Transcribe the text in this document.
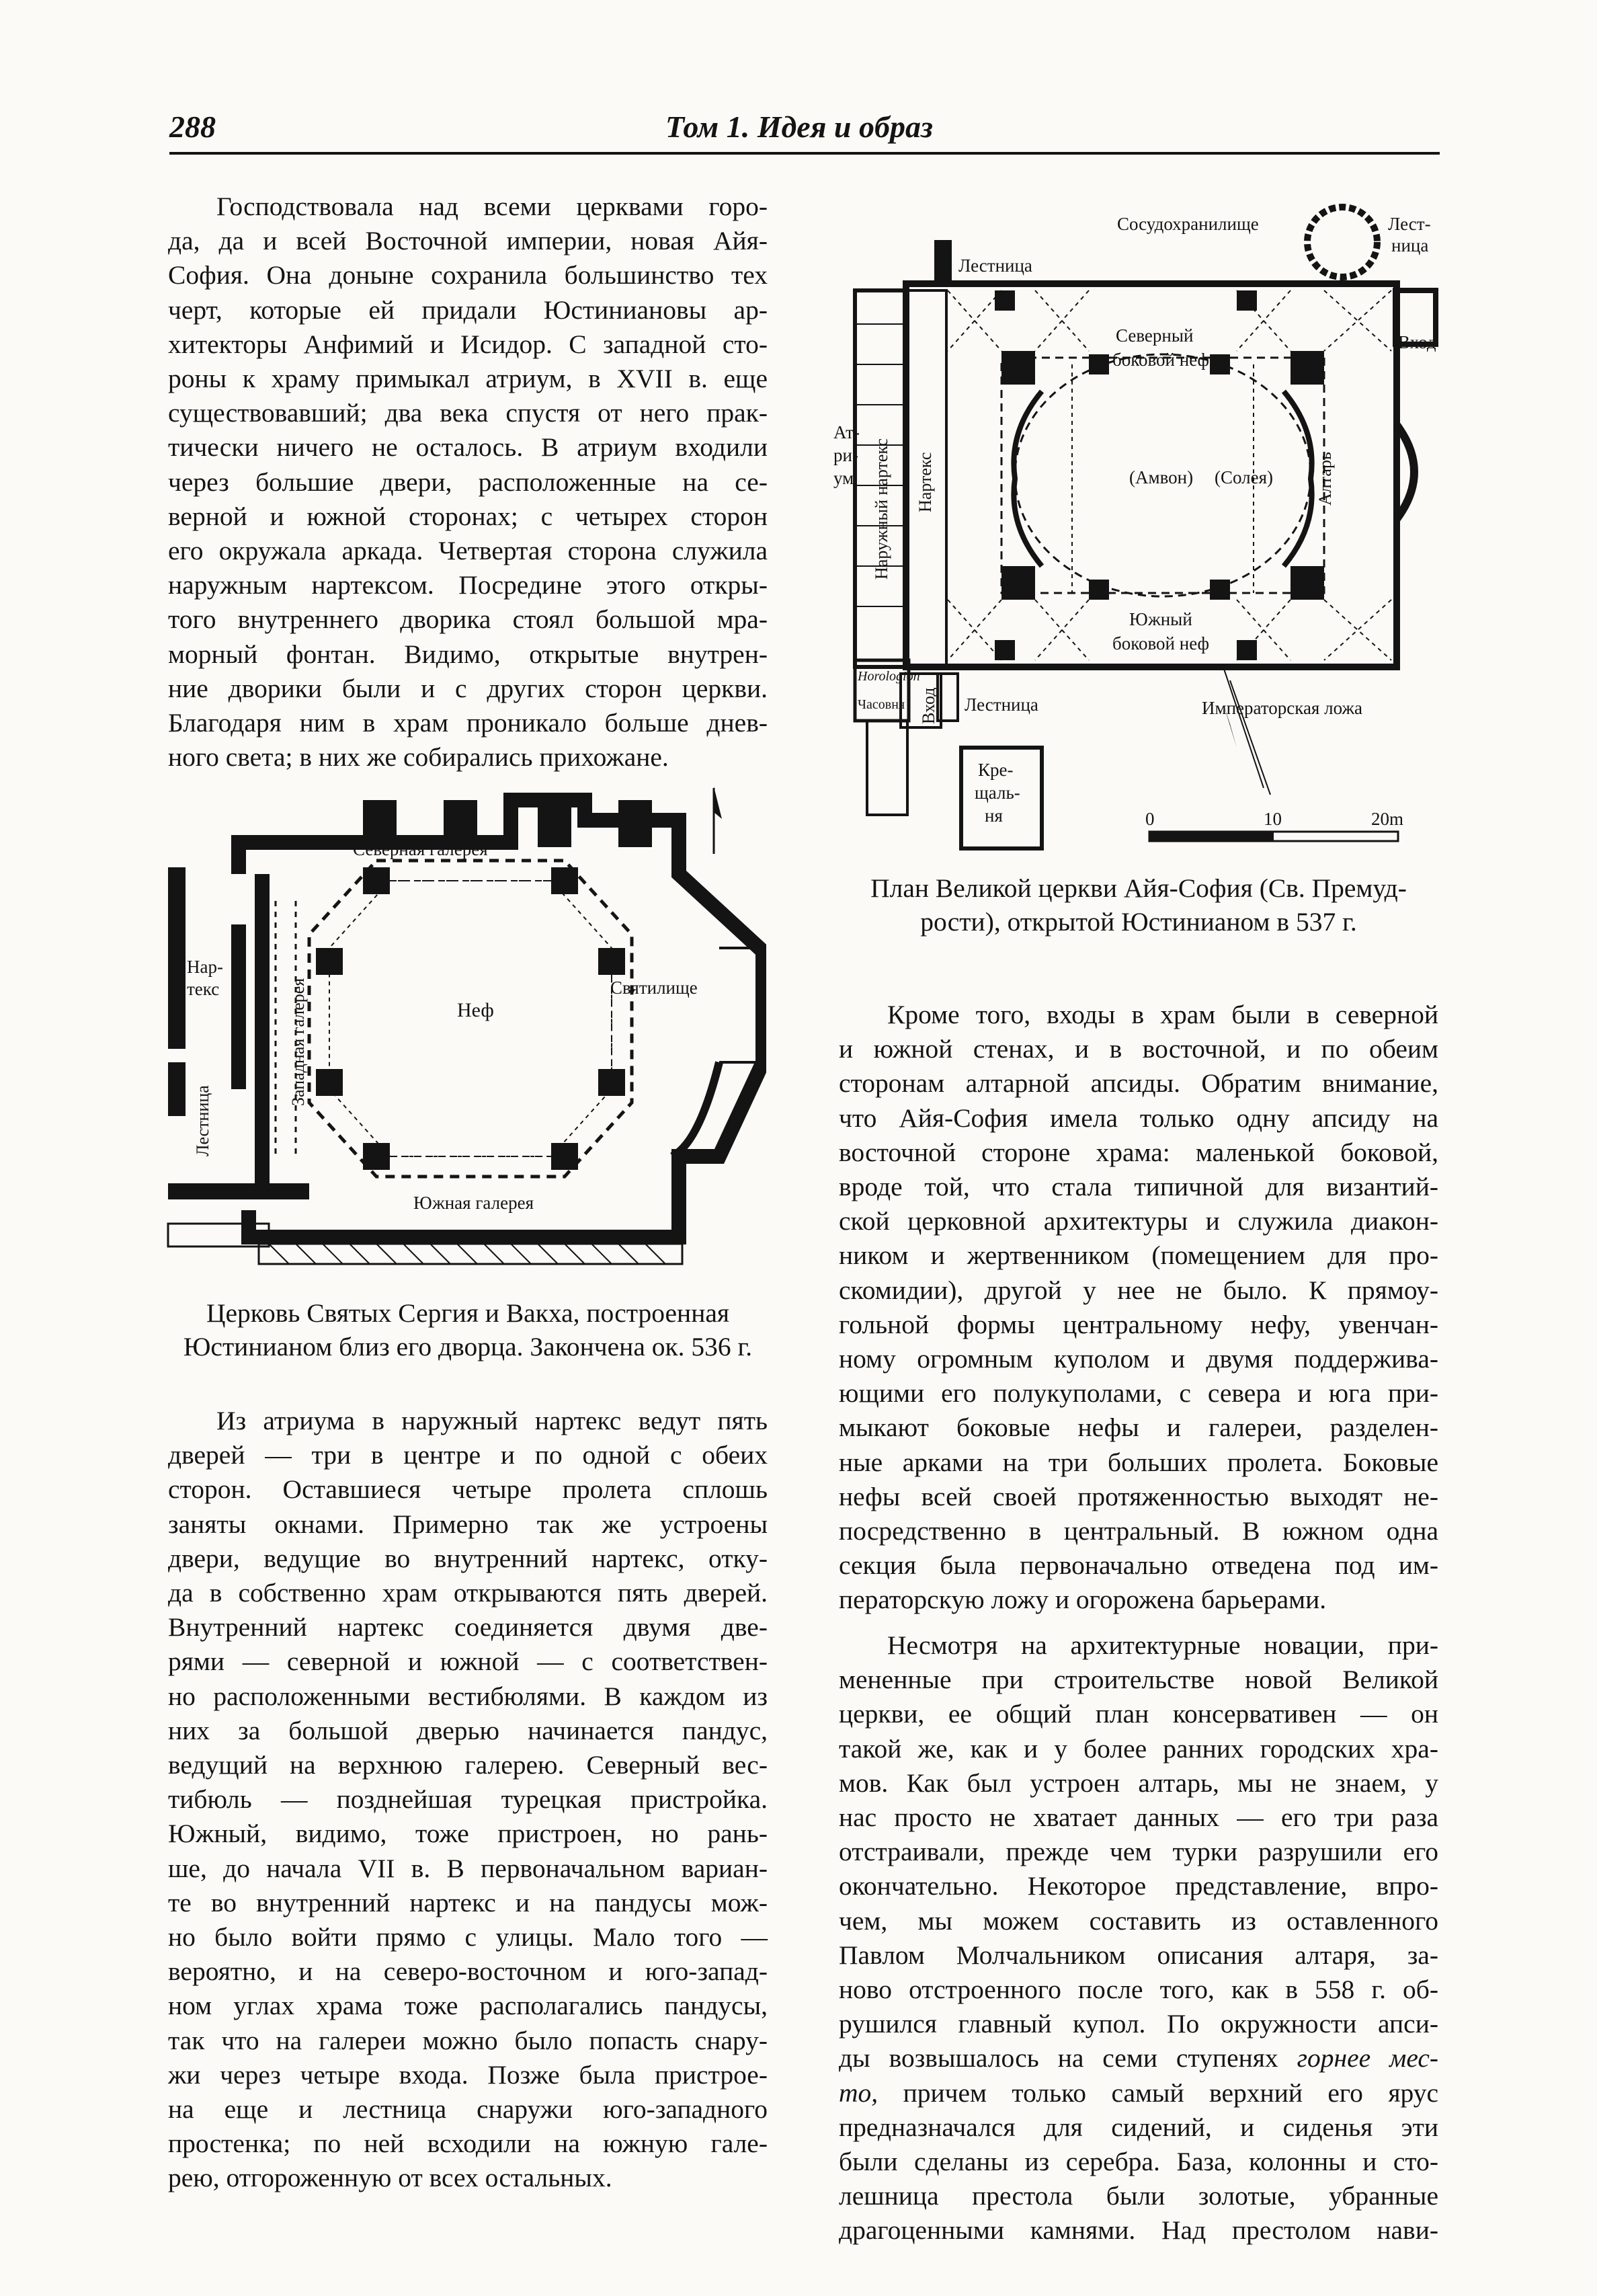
288	Том 1. Идея и образ

Господствовала над всеми церквами горо-

да, да и всей Восточной империи, новая Айя-

София. Она доныне сохранила большинство тех

черт, которые ей придали Юстиниановы ар-

хитекторы Анфимий и Исидор. С западной сто-

роны к храму примыкал атриум, в XVII в. еще

существовавший; два века спустя от него прак-

тически ничего не осталось. В атриум входили

через большие двери, расположенные на се-

верной и южной сторонах; с четырех сторон

его окружала аркада. Четвертая сторона служила

наружным нартексом. Посредине этого откры-

того внутреннего дворика стоял большой мра-

морный фонтан. Видимо, открытые внутрен-

ние дворики были и с других сторон церкви.

Благодаря ним в храм проникало больше днев-

ного света; в них же собирались прихожане.

Северная галерея
Южная галерея
Западная галерея
Нар-
текс
Неф
Святилище
Лестница
Церковь Святых Сергия и Вакха, построенная
Юстинианом близ его дворца. Закончена ок. 536 г.

Из атриума в наружный нартекс ведут пять

дверей — три в центре и по одной с обеих

сторон. Оставшиеся четыре пролета сплошь

заняты окнами. Примерно так же устроены

двери, ведущие во внутренний нартекс, отку-

да в собственно храм открываются пять дверей.

Внутренний нартекс соединяется двумя две-

рями — северной и южной — с соответствен-

но расположенными вестибюлями. В каждом из

них за большой дверью начинается пандус,

ведущий на верхнюю галерею. Северный вес-

тибюль — позднейшая турецкая пристройка.

Южный, видимо, тоже пристроен, но рань-

ше, до начала VII в. В первоначальном вариан-

те во внутренний нартекс и на пандусы мож-

но было войти прямо с улицы. Мало того —

вероятно, и на северо-восточном и юго-запад-

ном углах храма тоже располагались пандусы,

так что на галереи можно было попасть снару-

жи через четыре входа. Позже была пристрое-

на еще и лестница снаружи юго-западного

простенка; по ней всходили на южную гале-

рею, отгороженную от всех остальных.

Сосудохранилище	Лест-
ница
Лестница
Вход
Северный
боковой неф
Ат-
ри-
ум	(Амвон) (Солея) Алтарь
Наружный нартекс Нартекс
Южный
боковой неф
Horologion
Часовня Вход Лестница	Императорская ложа
Кре-
щаль-
ня	0	10	20m
План Великой церкви Айя-София (Св. Премуд-
рости), открытой Юстинианом в 537 г.

Кроме того, входы в храм были в северной

и южной стенах, и в восточной, и по обеим

сторонам алтарной апсиды. Обратим внимание,

что Айя-София имела только одну апсиду на

восточной стороне храма: маленькой боковой,

вроде той, что стала типичной для византий-

ской церковной архитектуры и служила диакон-

ником и жертвенником (помещением для про-

скомидии), другой у нее не было. К прямоу-

гольной формы центральному нефу, увенчан-

ному огромным куполом и двумя поддержива-

ющими его полукуполами, с севера и юга при-

мыкают боковые нефы и галереи, разделен-

ные арками на три больших пролета. Боковые

нефы всей своей протяженностью выходят не-

посредственно в центральный. В южном одна

секция была первоначально отведена под им-

ператорскую ложу и огорожена барьерами.

Несмотря на архитектурные новации, при-

мененные при строительстве новой Великой

церкви, ее общий план консервативен — он

такой же, как и у более ранних городских хра-

мов. Как был устроен алтарь, мы не знаем, у

нас просто не хватает данных — его три раза

отстраивали, прежде чем турки разрушили его

окончательно. Некоторое представление, впро-

чем, мы можем составить из оставленного

Павлом Молчальником описания алтаря, за-

ново отстроенного после того, как в 558 г. об-

рушился главный купол. По окружности апси-

ды возвышалось на семи ступенях горнее мес-

то, причем только самый верхний его ярус

предназначался для сидений, и сиденья эти

были сделаны из серебра. База, колонны и сто-

лешница престола были золотые, убранные

драгоценными камнями. Над престолом нави-
